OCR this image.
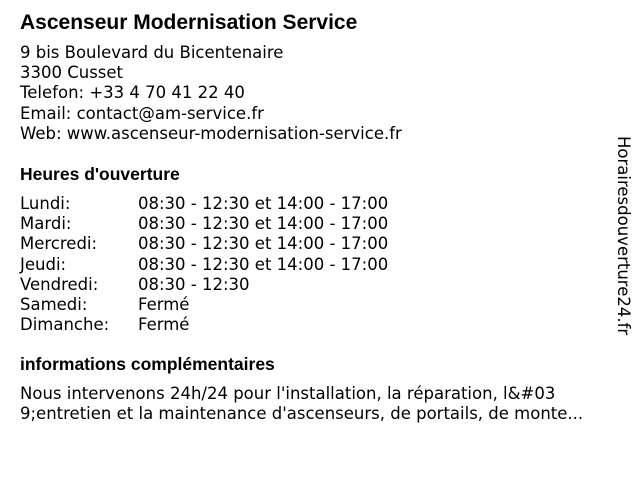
Ascenseur Modernisation Service
9 bis Boulevard du Bicentenaire
3300 Cusset
Telefon: +33 4 70 41 22 40
Email: contact@am-service.fr
Web: www.ascenseur-modernisation-service.fr
Heures d'ouverture
Lundi:	08:30 - 12:30 et 14:00 - 17:00
Mardi:	08:30 - 12:30 et 14:00 - 17:00
Mercredi: 08:30 - 12:30 et 14:00 - 17:00
Jeudi:	08:30 - 12:30 et 14:00 - 17:00
Vendredi: 08:30 - 12:30
Samedi:	Fermé
Dimanche: Fermé
informations complémentaires
Nous intervenons 24h/24 pour l'installation, la réparation, l&#03
9;entretien et la maintenance d'ascenseurs, de portails, de monte...
Horairesdouverture24.fr
